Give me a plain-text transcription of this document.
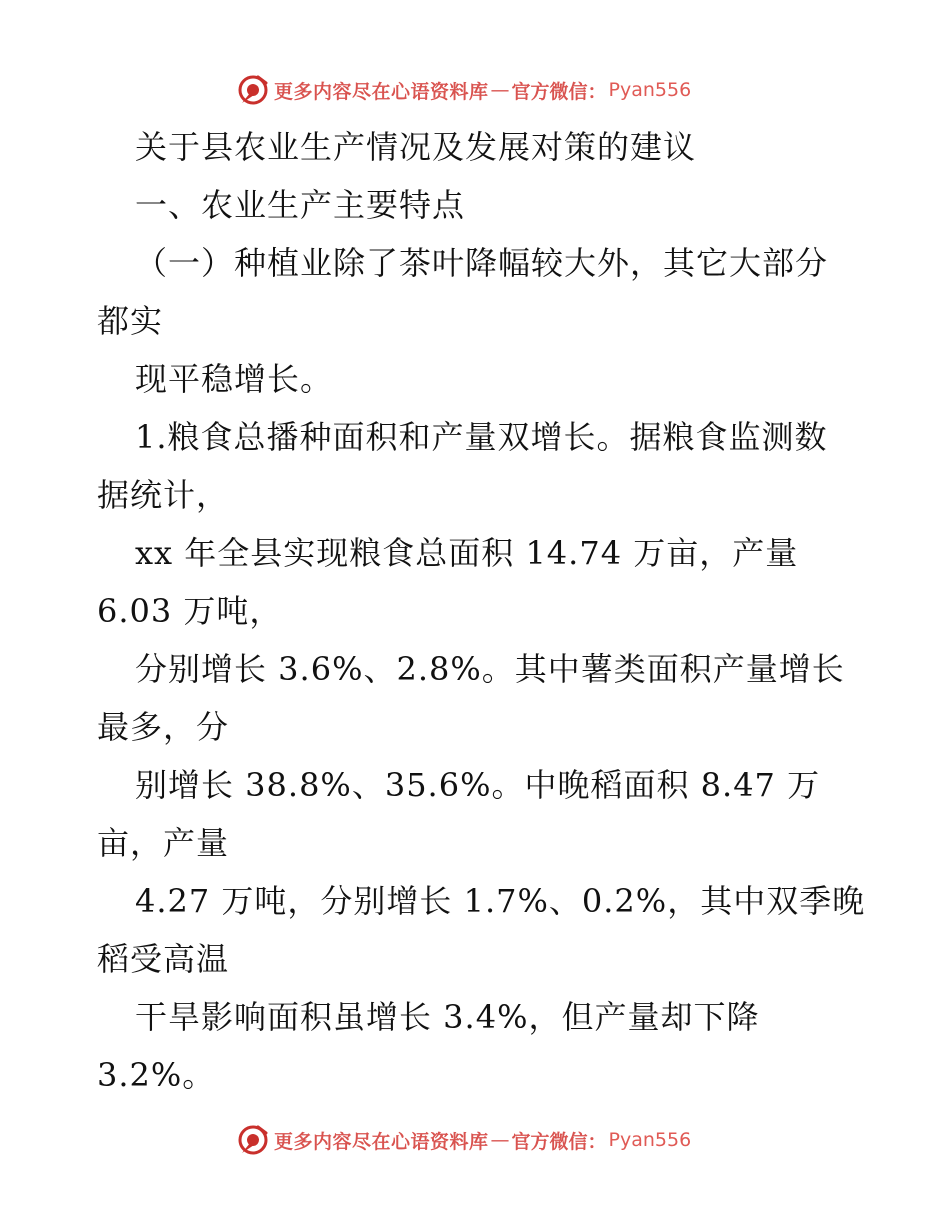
更多内容尽在心语资料库 — 官方微信： Pyan556
关于县农业生产情况及发展对策的建议
一、农业生产主要特点
（一）种植业除了茶叶降幅较大外，其它大部分
都实
现平稳增长。
1.粮食总播种面积和产量双增长。据粮食监测数
据统计，
xx 年全县实现粮食总面积 14.74 万亩，产量
6.03 万吨，
分别增长 3.6%、2.8%。其中薯类面积产量增长
最多，分
别增长 38.8%、35.6%。中晚稻面积 8.47 万
亩，产量
4.27 万吨，分别增长 1.7%、0.2%，其中双季晚
稻受高温
干旱影响面积虽增长 3.4%，但产量却下降
3.2%。
更多内容尽在心语资料库 — 官方微信： Pyan556
